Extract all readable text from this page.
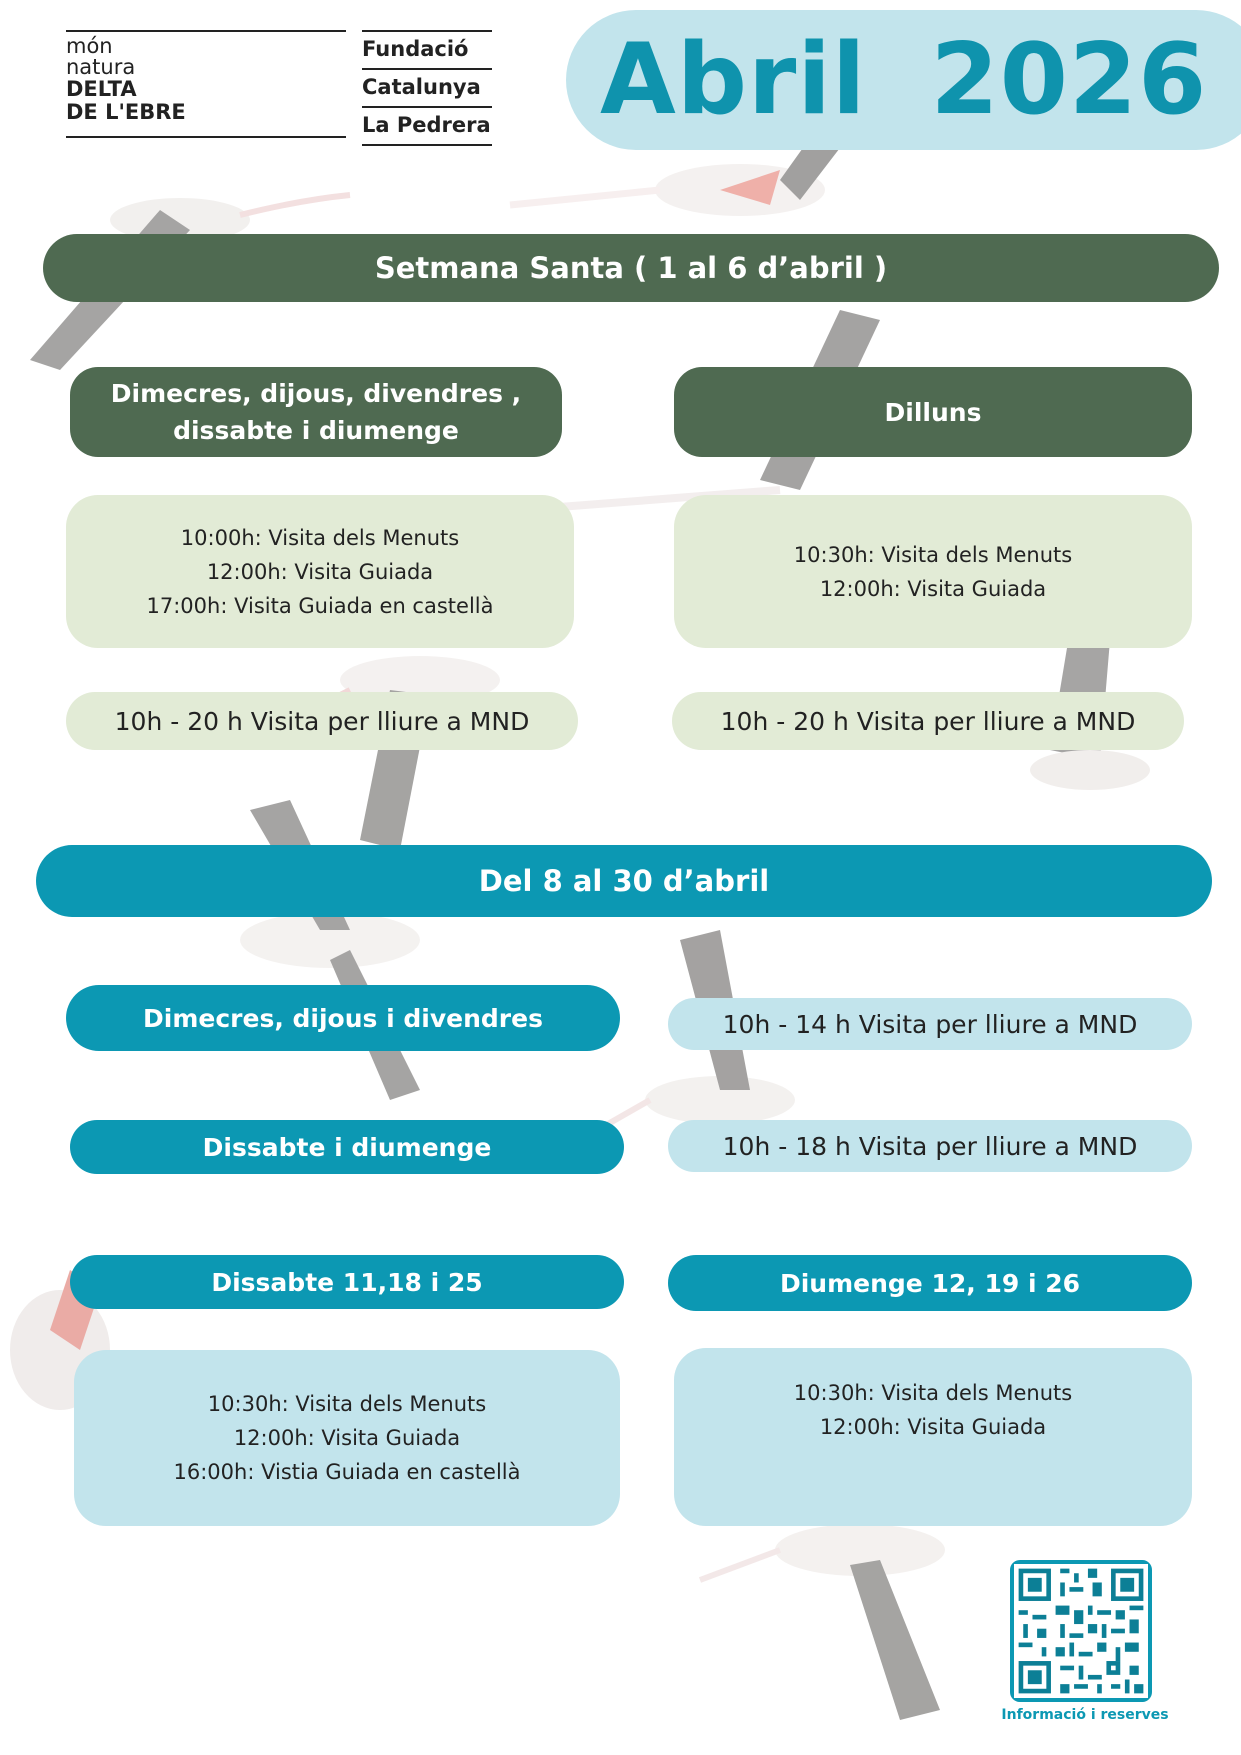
món
natura
DELTA
DE L'EBRE
Fundació
Catalunya
La Pedrera Abril 2026
Setmana Santa ( 1 al 6 d’abril )
Dimecres, dijous, divendres ,
dissabte i diumenge
Dilluns
10:00h: Visita dels Menuts
12:00h: Visita Guiada
17:00h: Visita Guiada en castellà
10:30h: Visita dels Menuts
12:00h: Visita Guiada
10h - 20 h Visita per lliure a MND	10h - 20 h Visita per lliure a MND
Del 8 al 30 d’abril
Dimecres, dijous i divendres	10h - 14 h Visita per lliure a MND
Dissabte i diumenge	10h - 18 h Visita per lliure a MND
Dissabte 11,18 i 25	Diumenge 12, 19 i 26
10:30h: Visita dels Menuts
12:00h: Visita Guiada
16:00h: Vistia Guiada en castellà
10:30h: Visita dels Menuts
12:00h: Visita Guiada
Informació i reserves
